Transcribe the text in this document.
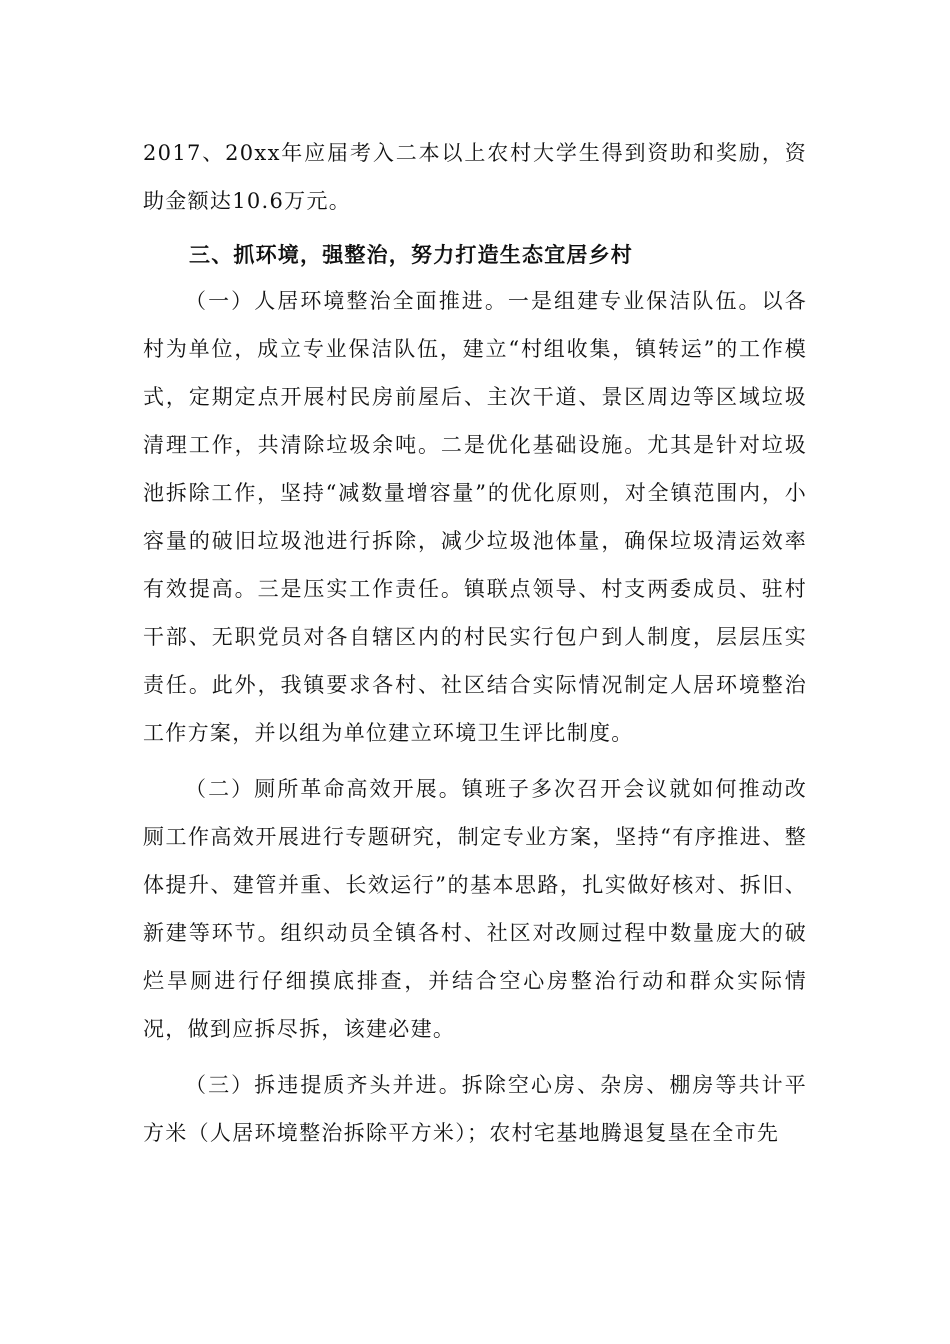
2017、20xx年应届考入二本以上农村大学生得到资助和奖励，资助金额达10.6万元。

三、抓环境，强整治，努力打造生态宜居乡村

（一）人居环境整治全面推进。一是组建专业保洁队伍。以各村为单位，成立专业保洁队伍，建立“村组收集，镇转运”的工作模式，定期定点开展村民房前屋后、主次干道、景区周边等区域垃圾清理工作，共清除垃圾余吨。二是优化基础设施。尤其是针对垃圾池拆除工作，坚持“减数量增容量”的优化原则，对全镇范围内，小容量的破旧垃圾池进行拆除，减少垃圾池体量，确保垃圾清运效率有效提高。三是压实工作责任。镇联点领导、村支两委成员、驻村干部、无职党员对各自辖区内的村民实行包户到人制度，层层压实责任。此外，我镇要求各村、社区结合实际情况制定人居环境整治工作方案，并以组为单位建立环境卫生评比制度。

（二）厕所革命高效开展。镇班子多次召开会议就如何推动改厕工作高效开展进行专题研究，制定专业方案，坚持“有序推进、整体提升、建管并重、长效运行”的基本思路，扎实做好核对、拆旧、新建等环节。组织动员全镇各村、社区对改厕过程中数量庞大的破烂旱厕进行仔细摸底排查，并结合空心房整治行动和群众实际情况，做到应拆尽拆，该建必建。

（三）拆违提质齐头并进。拆除空心房、杂房、棚房等共计平方米（人居环境整治拆除平方米）；农村宅基地腾退复垦在全市先
